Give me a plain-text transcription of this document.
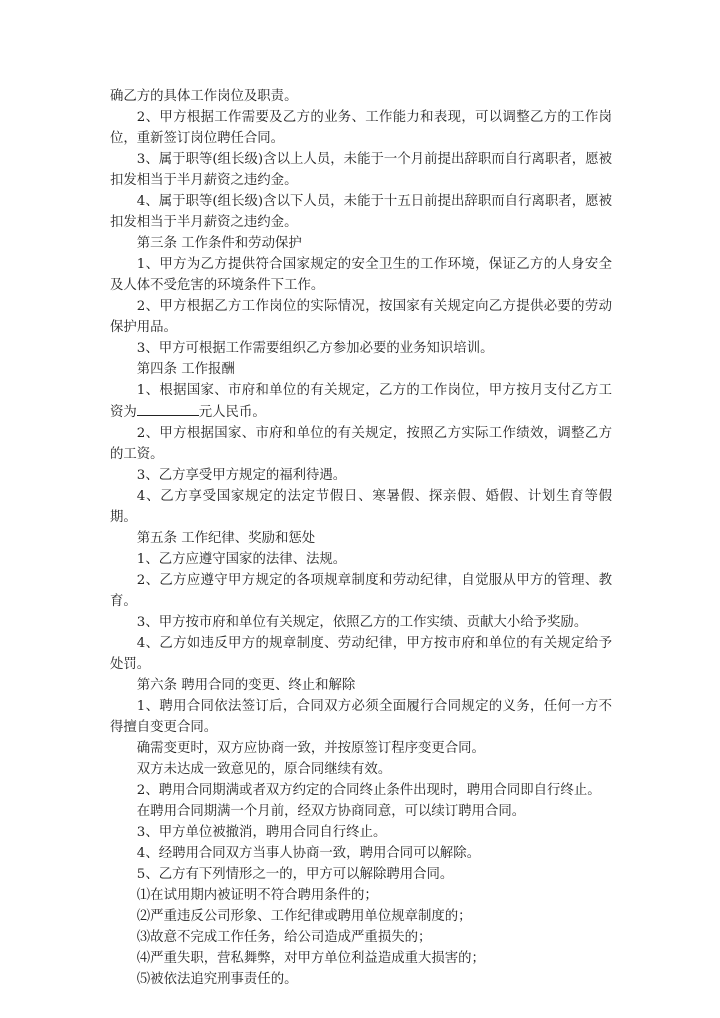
确乙方的具体工作岗位及职责。

2、甲方根据工作需要及乙方的业务、工作能力和表现，可以调整乙方的工作岗位，重新签订岗位聘任合同。

3、属于职等(组长级)含以上人员，未能于一个月前提出辞职而自行离职者，愿被扣发相当于半月薪资之违约金。

4、属于职等(组长级)含以下人员，未能于十五日前提出辞职而自行离职者，愿被扣发相当于半月薪资之违约金。

第三条 工作条件和劳动保护

1、甲方为乙方提供符合国家规定的安全卫生的工作环境，保证乙方的人身安全及人体不受危害的环境条件下工作。

2、甲方根据乙方工作岗位的实际情况，按国家有关规定向乙方提供必要的劳动保护用品。

3、甲方可根据工作需要组织乙方参加必要的业务知识培训。

第四条 工作报酬

1、根据国家、市府和单位的有关规定，乙方的工作岗位，甲方按月支付乙方工资为	元人民币。

2、甲方根据国家、市府和单位的有关规定，按照乙方实际工作绩效，调整乙方的工资。

3、乙方享受甲方规定的福利待遇。

4、乙方享受国家规定的法定节假日、寒暑假、探亲假、婚假、计划生育等假期。

第五条 工作纪律、奖励和惩处

1、乙方应遵守国家的法律、法规。

2、乙方应遵守甲方规定的各项规章制度和劳动纪律，自觉服从甲方的管理、教育。

3、甲方按市府和单位有关规定，依照乙方的工作实绩、贡献大小给予奖励。

4、乙方如违反甲方的规章制度、劳动纪律，甲方按市府和单位的有关规定给予处罚。

第六条 聘用合同的变更、终止和解除

1、聘用合同依法签订后，合同双方必须全面履行合同规定的义务，任何一方不得擅自变更合同。

确需变更时，双方应协商一致，并按原签订程序变更合同。

双方未达成一致意见的，原合同继续有效。

2、聘用合同期满或者双方约定的合同终止条件出现时，聘用合同即自行终止。

在聘用合同期满一个月前，经双方协商同意，可以续订聘用合同。

3、甲方单位被撤消，聘用合同自行终止。

4、经聘用合同双方当事人协商一致，聘用合同可以解除。

5、乙方有下列情形之一的，甲方可以解除聘用合同。

⑴在试用期内被证明不符合聘用条件的；

⑵严重违反公司形象、工作纪律或聘用单位规章制度的；

⑶故意不完成工作任务，给公司造成严重损失的；

⑷严重失职，营私舞弊，对甲方单位利益造成重大损害的；

⑸被依法追究刑事责任的。
